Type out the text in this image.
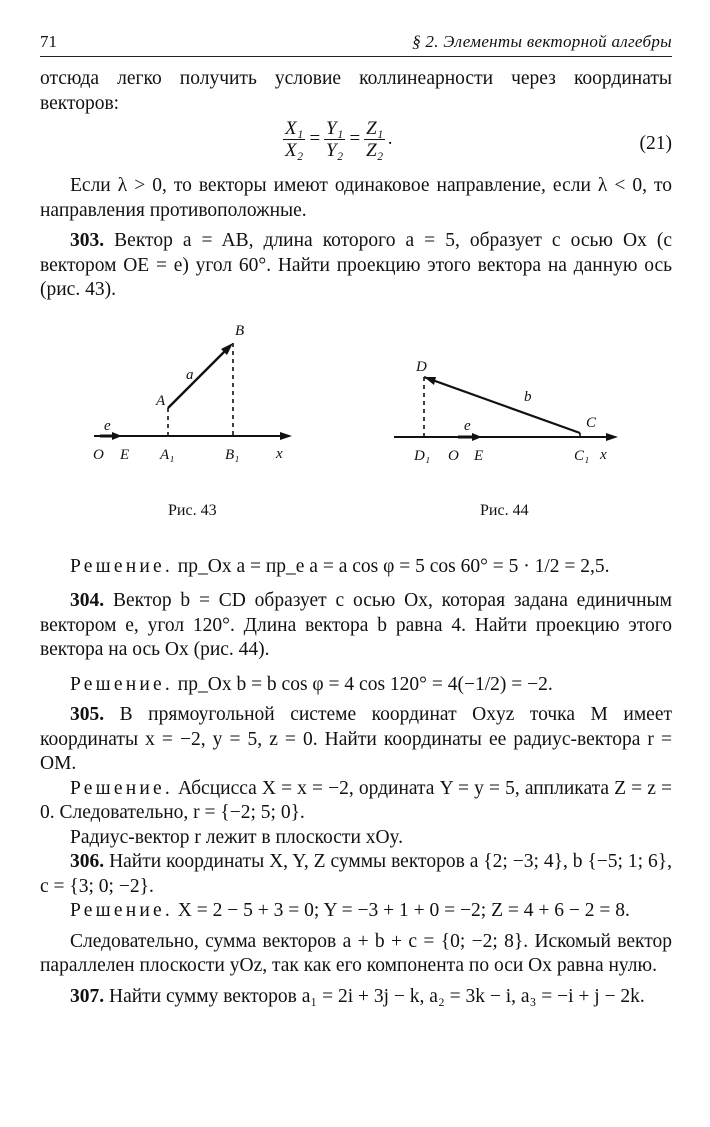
71	§ 2. Элементы векторной алгебры

отсюда легко получить условие коллинеарности через координаты векторов:

$\frac{\text{X₁}}{\text{X₂}} = \frac{\text{Y₁}}{\text{Y₂}} = \frac{\text{Z₁}}{\text{Z₂}}$ .	(21)

Если λ > 0, то векторы имеют одинаковое направление, если λ < 0, то направления противоположные.

303. Вектор a = AB, длина которого a = 5, образует с осью Ox (с вектором OE = e) угол 60°. Найти проекцию этого вектора на данную ось (рис. 43).

B
A
a
e
O E A₁	B₁ x
Рис. 43
D
b
C
e
D₁ O E	C₁ x
Рис. 44

Решение. пр_Ox a = пр_e a = a cos φ = 5 cos 60° = 5 · 1/2 = 2,5.

304. Вектор b = CD образует с осью Ox, которая задана единичным вектором e, угол 120°. Длина вектора b равна 4. Найти проекцию этого вектора на ось Ox (рис. 44).

Решение. пр_Ox b = b cos φ = 4 cos 120° = 4(−1/2) = −2.

305. В прямоугольной системе координат Oxyz точка M имеет координаты x = −2, y = 5, z = 0. Найти координаты ее радиус-вектора r = OM.

Решение. Абсцисса X = x = −2, ордината Y = y = 5, аппликата Z = z = 0. Следовательно, r = {−2; 5; 0}.

Радиус-вектор r лежит в плоскости xOy.

306. Найти координаты X, Y, Z суммы векторов a {2; −3; 4}, b {−5; 1; 6}, c = {3; 0; −2}.

Решение. X = 2 − 5 + 3 = 0; Y = −3 + 1 + 0 = −2; Z = 4 + 6 − 2 = 8.

Следовательно, сумма векторов a + b + c = {0; −2; 8}. Искомый вектор параллелен плоскости yOz, так как его компонента по оси Ox равна нулю.

307. Найти сумму векторов a₁ = 2i + 3j − k, a₂ = 3k − i, a₃ = −i + j − 2k.
